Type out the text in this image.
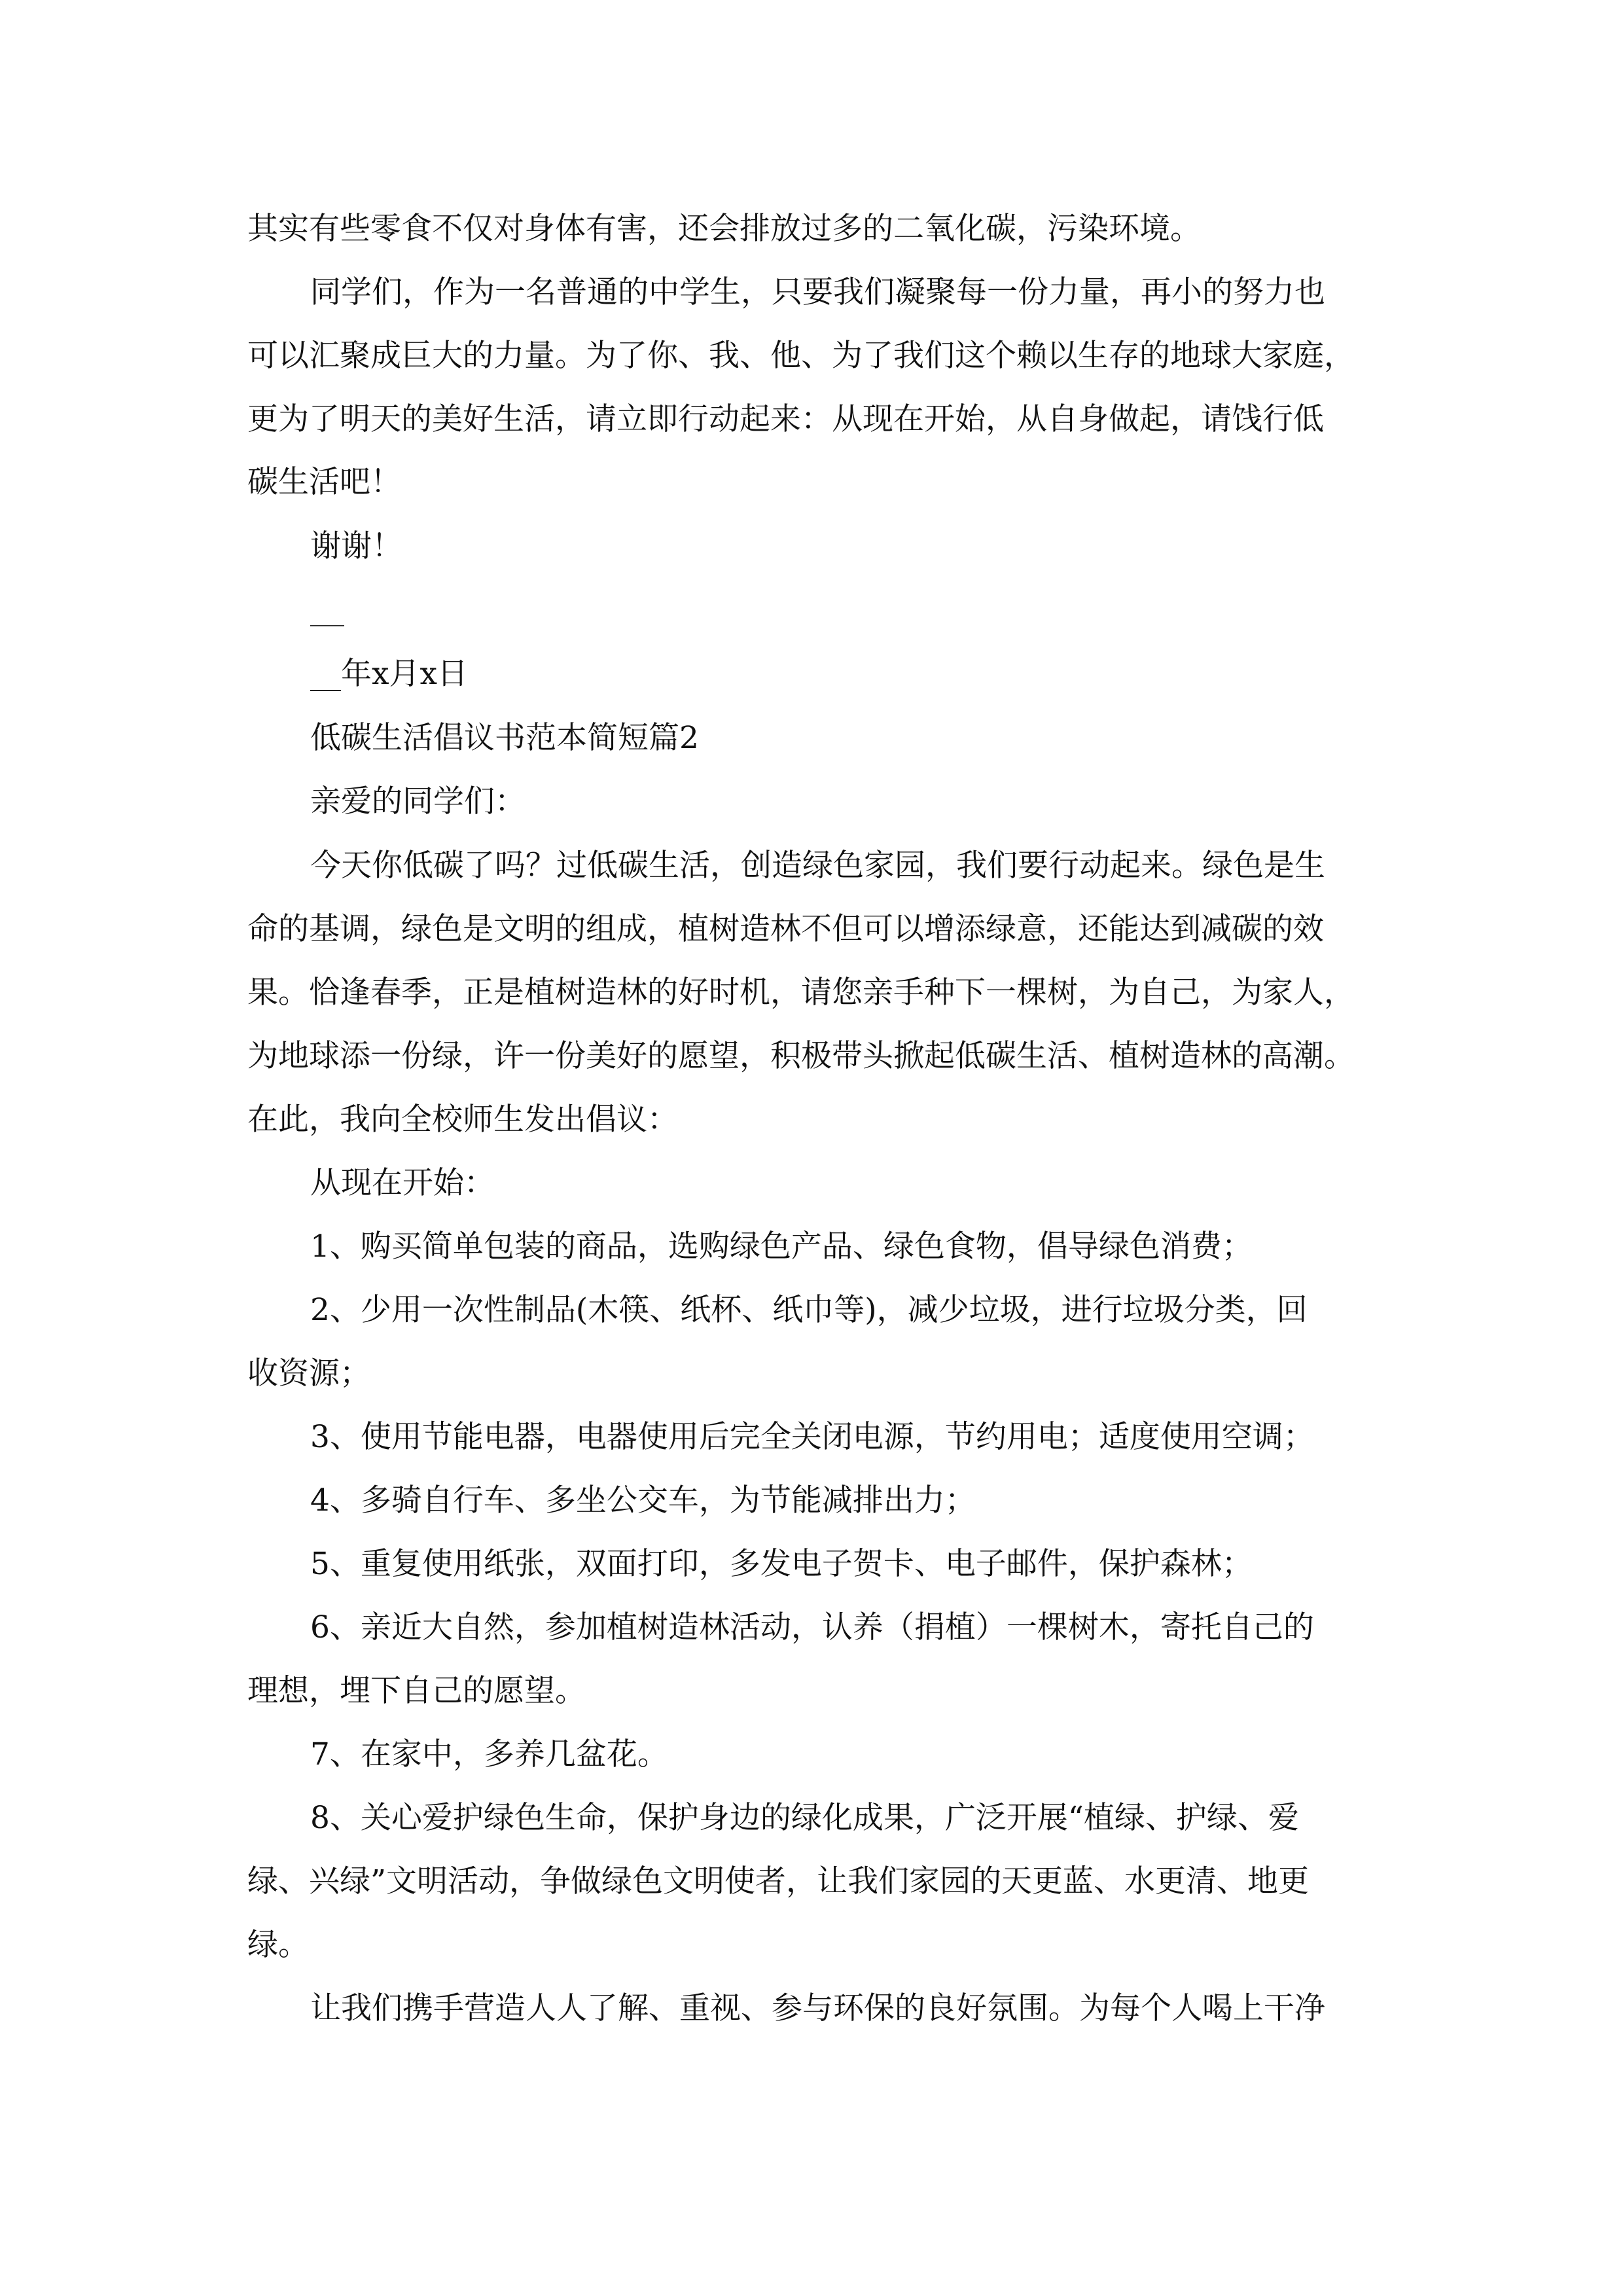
其实有些零食不仅对身体有害，还会排放过多的二氧化碳，污染环境。
同学们，作为一名普通的中学生，只要我们凝聚每一份力量，再小的努力也
可以汇聚成巨大的力量。为了你、我、他、为了我们这个赖以生存的地球大家庭，
更为了明天的美好生活，请立即行动起来：从现在开始，从自身做起，请饯行低
碳生活吧！
谢谢！
__年x月x日
低碳生活倡议书范本简短篇2
亲爱的同学们：
今天你低碳了吗？过低碳生活，创造绿色家园，我们要行动起来。绿色是生
命的基调，绿色是文明的组成，植树造林不但可以增添绿意，还能达到减碳的效
果。恰逢春季，正是植树造林的好时机，请您亲手种下一棵树，为自己，为家人，
为地球添一份绿，许一份美好的愿望，积极带头掀起低碳生活、植树造林的高潮。
在此，我向全校师生发出倡议：
从现在开始：
1、购买简单包装的商品，选购绿色产品、绿色食物，倡导绿色消费；
2、少用一次性制品(木筷、纸杯、纸巾等)，减少垃圾，进行垃圾分类，回
收资源；
3、使用节能电器，电器使用后完全关闭电源，节约用电；适度使用空调；
4、多骑自行车、多坐公交车，为节能减排出力；
5、重复使用纸张，双面打印，多发电子贺卡、电子邮件，保护森林；
6、亲近大自然，参加植树造林活动，认养（捐植）一棵树木，寄托自己的
理想，埋下自己的愿望。
7、在家中，多养几盆花。
8、关心爱护绿色生命，保护身边的绿化成果，广泛开展“植绿、护绿、爱
绿、兴绿”文明活动，争做绿色文明使者，让我们家园的天更蓝、水更清、地更
绿。
让我们携手营造人人了解、重视、参与环保的良好氛围。为每个人喝上干净
